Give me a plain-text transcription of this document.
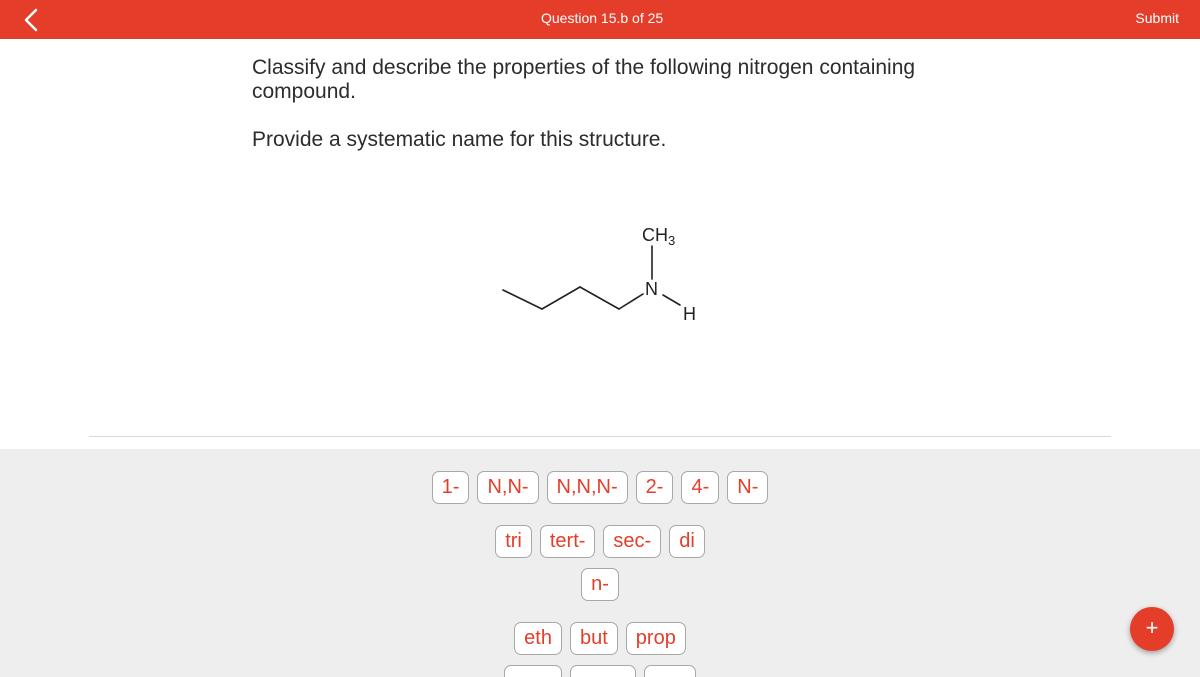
Question 15.b of 25	Submit
Classify and describe the properties of the following nitrogen containing compound.
Provide a systematic name for this structure.
$CH_3$
N
H
1-	N,N-	N,N,N-	2-	4-	N-
tri	tert-	sec-	di
n-
eth	but	prop	+
